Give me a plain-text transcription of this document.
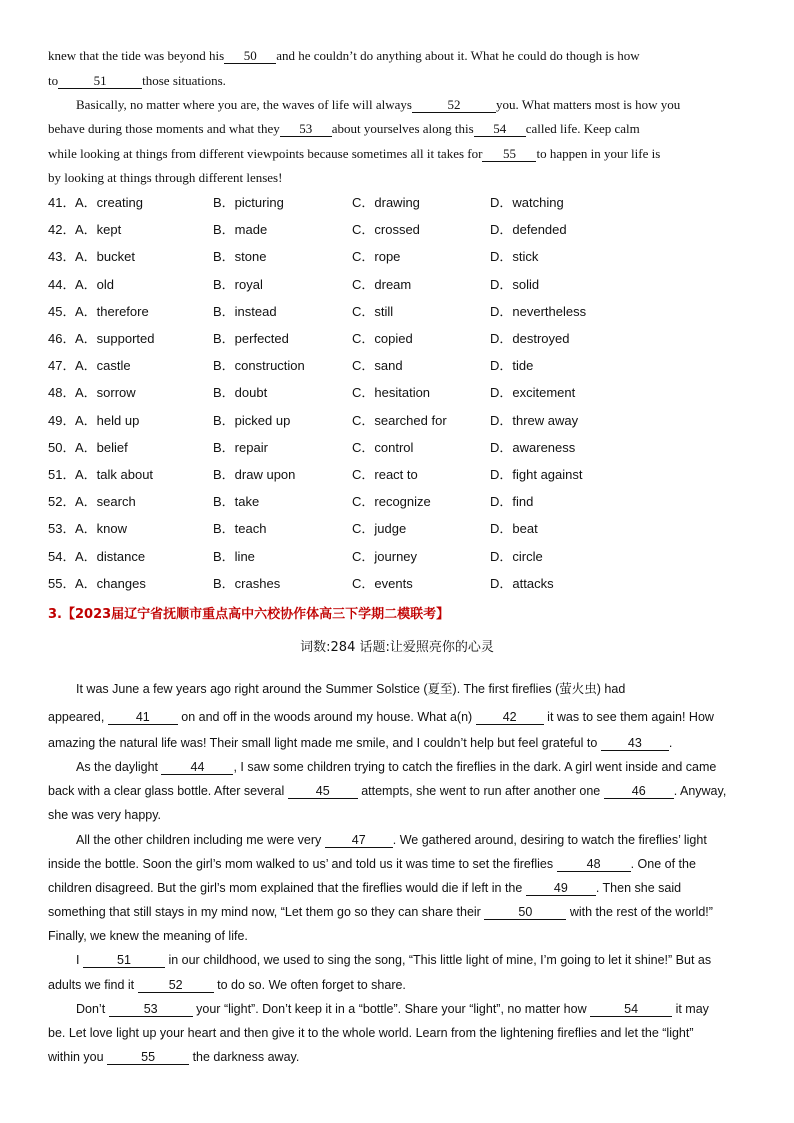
knew that the tide was beyond his 50 and he couldn’t do anything about it. What he could do though is how
to	51	those situations.
Basically, no matter where you are, the waves of life will always	52	you. What matters most is how you
behave during those moments and what they 53 about yourselves along this 54 called life. Keep calm
while looking at things from different viewpoints because sometimes all it takes for 55 to happen in your life is
by looking at things through different lenses!
41． A．creating	B．picturing	C．drawing	D．watching
42． A．kept	B．made	C．crossed	D．defended
43． A．bucket	B．stone	C．rope	D．stick
44． A．old	B．royal	C．dream	D．solid
45． A．therefore	B．instead	C．still	D．nevertheless
46． A．supported	B．perfected	C．copied	D．destroyed
47． A．castle	B．construction	C．sand	D．tide
48． A．sorrow	B．doubt	C．hesitation	D．excitement
49． A．held up	B．picked up	C．searched for	D．threw away
50． A．belief	B．repair	C．control	D．awareness
51． A．talk about	B．draw upon	C．react to	D．fight against
52． A．search	B．take	C．recognize	D．find
53． A．know	B．teach	C．judge	D．beat
54． A．distance	B．line	C．journey	D．circle
55． A．changes	B．crashes	C．events	D．attacks
3.【2023届辽宁省抚顺市重点高中六校协作体高三下学期二模联考】
词数:284 话题:让爱照亮你的心灵
It was June a few years ago right around the Summer Solstice (夏至). The first fireflies (萤火虫) had
appeared,	41	on and off in the woods around my house. What a(n) 42 it was to see them again! How
amazing the natural life was! Their small light made me smile, and I couldn’t help but feel grateful to 43 .
As the daylight	44 , I saw some children trying to catch the fireflies in the dark. A girl went inside and came
back with a clear glass bottle. After several	45	attempts, she went to run after another one	46 . Anyway,
she was very happy.
All the other children including me were very 47 . We gathered around, desiring to watch the fireflies’ light
inside the bottle. Soon the girl’s mom walked to us’ and told us it was time to set the fireflies	48 . One of the
children disagreed. But the girl’s mom explained that the fireflies would die if left in the	49 . Then she said
something that still stays in my mind now, “Let them go so they can share their	50	with the rest of the world!”
Finally, we knew the meaning of life.
I	51	in our childhood, we used to sing the song, “This little light of mine, I’m going to let it shine!” But as
adults we find it	52	to do so. We often forget to share.
Don’t	53	your “light”. Don’t keep it in a “bottle”. Share your “light”, no matter how	54	it may
be. Let love light up your heart and then give it to the whole world. Learn from the lightening fireflies and let the “light”
within you	55	the darkness away.
